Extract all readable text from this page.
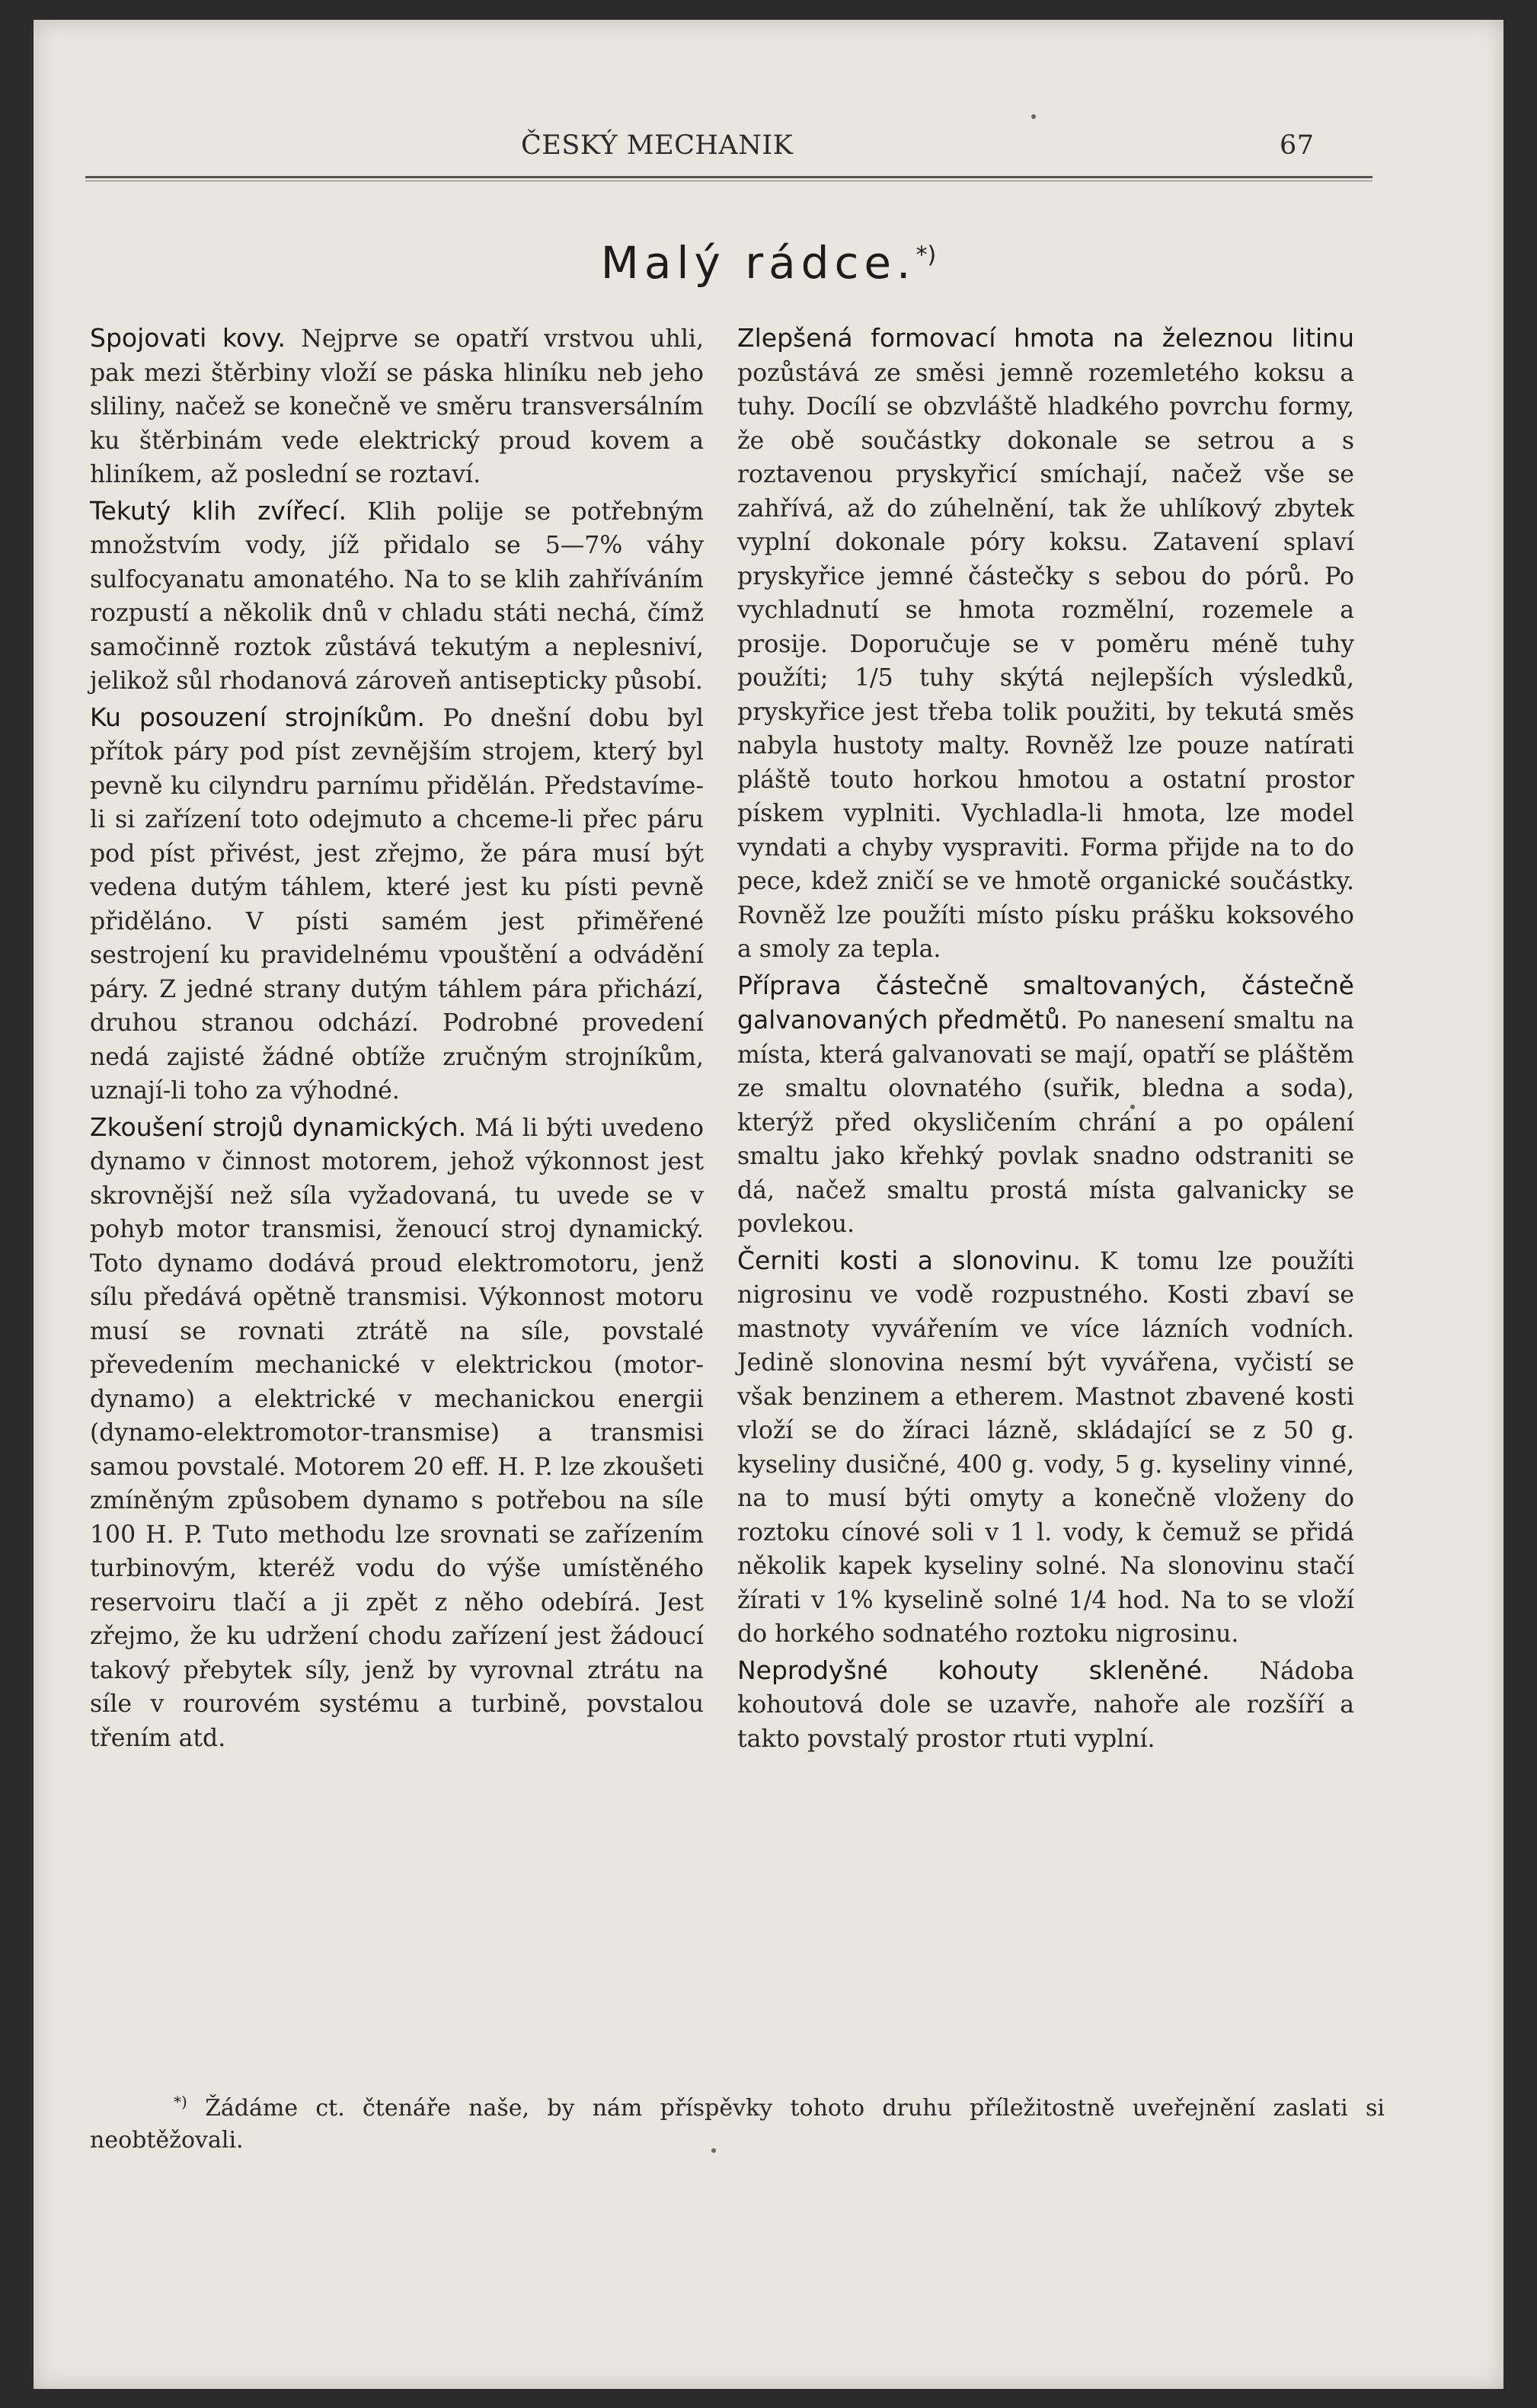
ČESKÝ MECHANIK	67
Malý rádce.*)

Spojovati kovy. Nejprve se opatří vrstvou uhli, pak mezi štěrbiny vloží se páska hliníku neb jeho sliliny, načež se konečně ve směru transversálním ku štěrbinám vede elektrický proud kovem a hliníkem, až poslední se roztaví.

Tekutý klih zvířecí. Klih polije se potřebným množstvím vody, jíž přidalo se 5—7% váhy sulfocyanatu amonatého. Na to se klih zahříváním rozpustí a několik dnů v chladu státi nechá, čímž samočinně roztok zůstává tekutým a neplesniví, jelikož sůl rhodanová zároveň antisepticky působí.

Ku posouzení strojníkům. Po dnešní dobu byl přítok páry pod píst zevnějším strojem, který byl pevně ku cilyndru parnímu přidělán. Představíme-li si zařízení toto odejmuto a chceme-li přec páru pod píst přivést, jest zřejmo, že pára musí být vedena dutým táhlem, které jest ku písti pevně přiděláno. V písti samém jest přiměřené sestrojení ku pravidelnému vpouštění a odvádění páry. Z jedné strany dutým táhlem pára přichází, druhou stranou odchází. Podrobné provedení nedá zajisté žádné obtíže zručným strojníkům, uznají-li toho za výhodné.

Zkoušení strojů dynamických. Má li býti uvedeno dynamo v činnost motorem, jehož výkonnost jest skrovnější než síla vyžadovaná, tu uvede se v pohyb motor transmisi, ženoucí stroj dynamický. Toto dynamo dodává proud elektromotoru, jenž sílu předává opětně transmisi. Výkonnost motoru musí se rovnati ztrátě na síle, povstalé převedením mechanické v elektrickou (motor-dynamo) a elektrické v mechanickou energii (dynamo-elektromotor-transmise) a transmisi samou povstalé. Motorem 20 eff. H. P. lze zkoušeti zmíněným způsobem dynamo s potřebou na síle 100 H. P. Tuto methodu lze srovnati se zařízením turbinovým, kteréž vodu do výše umístěného reservoiru tlačí a ji zpět z něho odebírá. Jest zřejmo, že ku udržení chodu zařízení jest žádoucí takový přebytek síly, jenž by vyrovnal ztrátu na síle v rourovém systému a turbině, povstalou třením atd.

Zlepšená formovací hmota na železnou litinu pozůstává ze směsi jemně rozemletého koksu a tuhy. Docílí se obzvláště hladkého povrchu formy, že obě součástky dokonale se setrou a s roztavenou pryskyřicí smíchají, načež vše se zahřívá, až do zúhelnění, tak že uhlíkový zbytek vyplní dokonale póry koksu. Zatavení splaví pryskyřice jemné částečky s sebou do pórů. Po vychladnutí se hmota rozmělní, rozemele a prosije. Doporučuje se v poměru méně tuhy použíti; 1/5 tuhy skýtá nejlepších výsledků, pryskyřice jest třeba tolik použiti, by tekutá směs nabyla hustoty malty. Rovněž lze pouze natírati pláště touto horkou hmotou a ostatní prostor pískem vyplniti. Vychladla-li hmota, lze model vyndati a chyby vyspraviti. Forma přijde na to do pece, kdež zničí se ve hmotě organické součástky. Rovněž lze použíti místo písku prášku koksového a smoly za tepla.

Příprava částečně smaltovaných, částečně galvanovaných předmětů. Po nanesení smaltu na místa, která galvanovati se mají, opatří se pláštěm ze smaltu olovnatého (suřik, bledna a soda), kterýž před okysličením chrání a po opálení smaltu jako křehký povlak snadno odstraniti se dá, načež smaltu prostá místa galvanicky se povlekou.

Černiti kosti a slonovinu. K tomu lze použíti nigrosinu ve vodě rozpustného. Kosti zbaví se mastnoty vyvářením ve více lázních vodních. Jedině slonovina nesmí být vyvářena, vyčistí se však benzinem a etherem. Mastnot zbavené kosti vloží se do žíraci lázně, skládající se z 50 g. kyseliny dusičné, 400 g. vody, 5 g. kyseliny vinné, na to musí býti omyty a konečně vloženy do roztoku cínové soli v 1 l. vody, k čemuž se přidá několik kapek kyseliny solné. Na slonovinu stačí žírati v 1% kyselině solné 1/4 hod. Na to se vloží do horkého sodnatého roztoku nigrosinu.

Neprodyšné kohouty skleněné. Nádoba kohoutová dole se uzavře, nahoře ale rozšíří a takto povstalý prostor rtuti vyplní.

*) Žádáme ct. čtenáře naše, by nám příspěvky tohoto druhu příležitostně uveřejnění zaslati si neobtěžovali.
